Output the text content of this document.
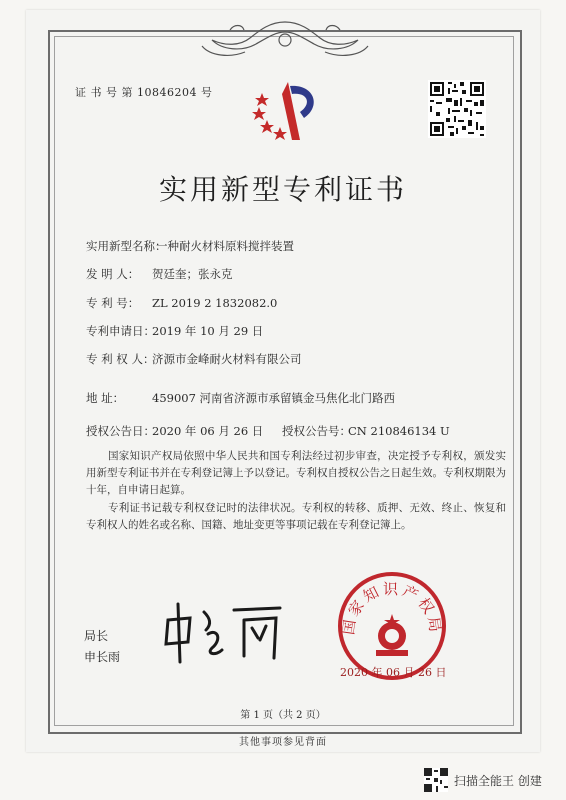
证 书 号 第 10846204 号
实用新型专利证书
实用新型名称：一种耐火材料原料搅拌装置
发 明 人： 贺廷奎；张永克
专 利 号： ZL 2019 2 1832082.0
专利申请日：2019 年 10 月 29 日
专 利 权 人：济源市金峰耐火材料有限公司
地 址： 459007 河南省济源市承留镇金马焦化北门路西
授权公告日：2020 年 06 月 26 日 授权公告号：CN 210846134 U
国家知识产权局依照中华人民共和国专利法经过初步审查，决定授予专利权，颁发实用新型专利证书并在专利登记簿上予以登记。专利权自授权公告之日起生效。专利权期限为十年，自申请日起算。
专利证书记载专利权登记时的法律状况。专利权的转移、质押、无效、终止、恢复和专利权人的姓名或名称、国籍、地址变更等事项记载在专利登记簿上。
局长
申长雨
国家知识产权局
2020 年 06 月 26 日
第 1 页（共 2 页）
其他事项参见背面
扫描全能王 创建
